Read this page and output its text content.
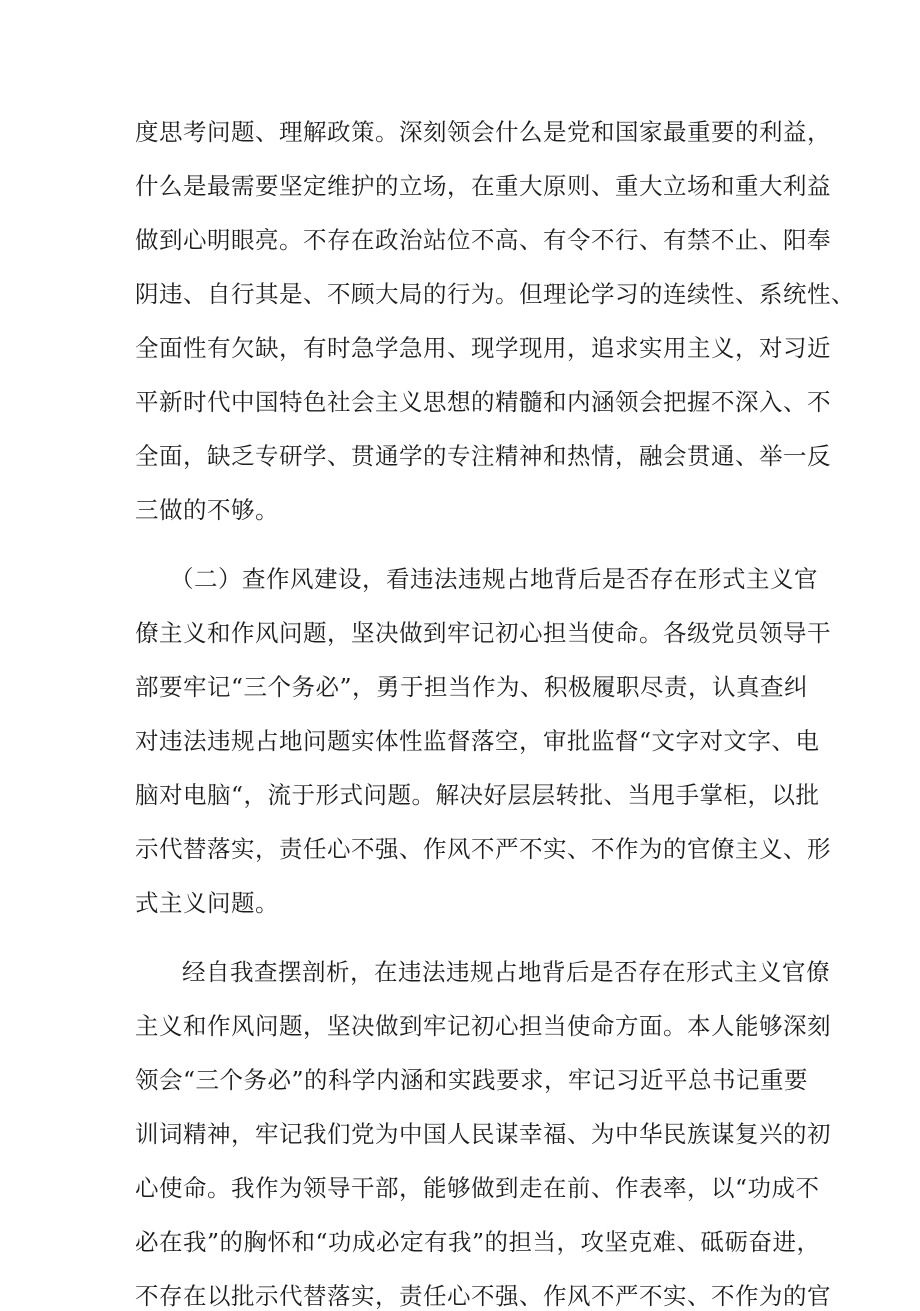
度思考问题、理解政策。深刻领会什么是党和国家最重要的利益，
什么是最需要坚定维护的立场，在重大原则、重大立场和重大利益
做到心明眼亮。不存在政治站位不高、有令不行、有禁不止、阳奉
阴违、自行其是、不顾大局的行为。但理论学习的连续性、系统性、
全面性有欠缺，有时急学急用、现学现用，追求实用主义，对习近
平新时代中国特色社会主义思想的精髓和内涵领会把握不深入、不
全面，缺乏专研学、贯通学的专注精神和热情，融会贯通、举一反
三做的不够。
（二）查作风建设，看违法违规占地背后是否存在形式主义官
僚主义和作风问题，坚决做到牢记初心担当使命。各级党员领导干
部要牢记“三个务必”，勇于担当作为、积极履职尽责，认真查纠
对违法违规占地问题实体性监督落空，审批监督“文字对文字、电
脑对电脑“，流于形式问题。解决好层层转批、当甩手掌柜，以批
示代替落实，责任心不强、作风不严不实、不作为的官僚主义、形
式主义问题。
经自我查摆剖析，在违法违规占地背后是否存在形式主义官僚
主义和作风问题，坚决做到牢记初心担当使命方面。本人能够深刻
领会“三个务必”的科学内涵和实践要求，牢记习近平总书记重要
训词精神，牢记我们党为中国人民谋幸福、为中华民族谋复兴的初
心使命。我作为领导干部，能够做到走在前、作表率，以“功成不
必在我”的胸怀和“功成必定有我”的担当，攻坚克难、砥砺奋进，
不存在以批示代替落实，责任心不强、作风不严不实、不作为的官
